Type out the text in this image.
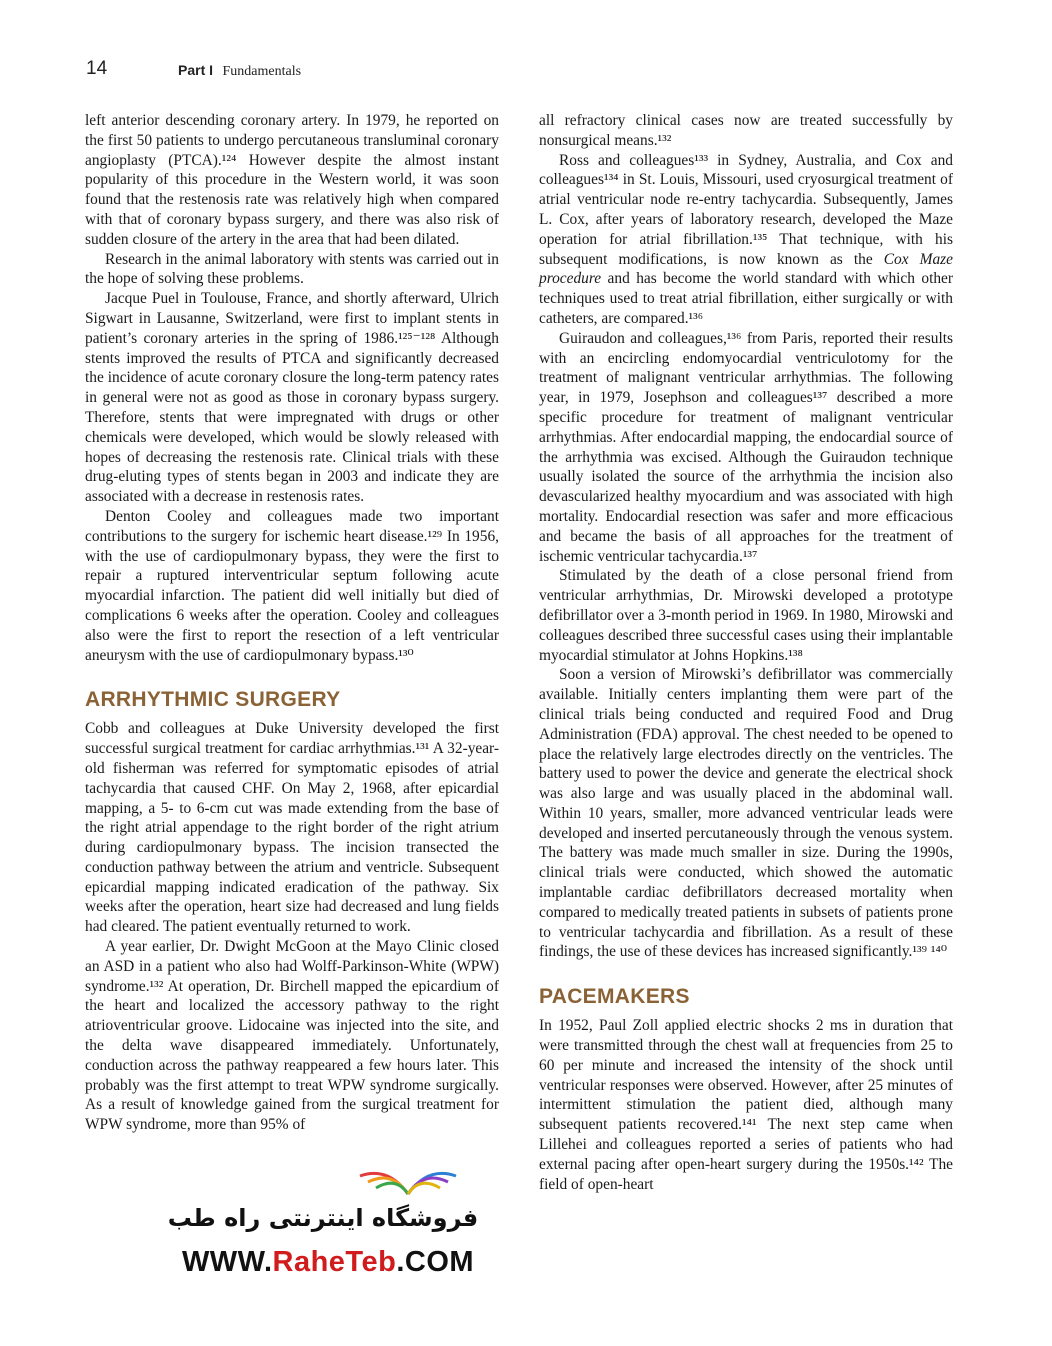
14	Part I Fundamentals

left anterior descending coronary artery. In 1979, he reported on the first 50 patients to undergo percutaneous transluminal coronary angioplasty (PTCA).¹²⁴ However despite the almost instant popularity of this procedure in the Western world, it was soon found that the restenosis rate was relatively high when compared with that of coronary bypass surgery, and there was also risk of sudden closure of the artery in the area that had been dilated.

Research in the animal laboratory with stents was carried out in the hope of solving these problems.

Jacque Puel in Toulouse, France, and shortly afterward, Ulrich Sigwart in Lausanne, Switzerland, were first to implant stents in patient’s coronary arteries in the spring of 1986.¹²⁵⁻¹²⁸ Although stents improved the results of PTCA and significantly decreased the incidence of acute coronary closure the long-term patency rates in general were not as good as those in coronary bypass surgery. Therefore, stents that were impregnated with drugs or other chemicals were developed, which would be slowly released with hopes of decreasing the restenosis rate. Clinical trials with these drug-eluting types of stents began in 2003 and indicate they are associated with a decrease in restenosis rates.

Denton Cooley and colleagues made two important contributions to the surgery for ischemic heart disease.¹²⁹ In 1956, with the use of cardiopulmonary bypass, they were the first to repair a ruptured interventricular septum following acute myocardial infarction. The patient did well initially but died of complications 6 weeks after the operation. Cooley and colleagues also were the first to report the resection of a left ventricular aneurysm with the use of cardiopulmonary bypass.¹³⁰

ARRHYTHMIC SURGERY

Cobb and colleagues at Duke University developed the first successful surgical treatment for cardiac arrhythmias.¹³¹ A 32-year-old fisherman was referred for symptomatic episodes of atrial tachycardia that caused CHF. On May 2, 1968, after epicardial mapping, a 5- to 6-cm cut was made extending from the base of the right atrial appendage to the right border of the right atrium during cardiopulmonary bypass. The incision transected the conduction pathway between the atrium and ventricle. Subsequent epicardial mapping indicated eradication of the pathway. Six weeks after the operation, heart size had decreased and lung fields had cleared. The patient eventually returned to work.

A year earlier, Dr. Dwight McGoon at the Mayo Clinic closed an ASD in a patient who also had Wolff-Parkinson-White (WPW) syndrome.¹³² At operation, Dr. Birchell mapped the epicardium of the heart and localized the accessory pathway to the right atrioventricular groove. Lidocaine was injected into the site, and the delta wave disappeared immediately. Unfortunately, conduction across the pathway reappeared a few hours later. This probably was the first attempt to treat WPW syndrome surgically. As a result of knowledge gained from the surgical treatment for WPW syndrome, more than 95% of

all refractory clinical cases now are treated successfully by nonsurgical means.¹³²

Ross and colleagues¹³³ in Sydney, Australia, and Cox and colleagues¹³⁴ in St. Louis, Missouri, used cryosurgical treatment of atrial ventricular node re-entry tachycardia. Subsequently, James L. Cox, after years of laboratory research, developed the Maze operation for atrial fibrillation.¹³⁵ That technique, with his subsequent modifications, is now known as the Cox Maze procedure and has become the world standard with which other techniques used to treat atrial fibrillation, either surgically or with catheters, are compared.¹³⁶

Guiraudon and colleagues,¹³⁶ from Paris, reported their results with an encircling endomyocardial ventriculotomy for the treatment of malignant ventricular arrhythmias. The following year, in 1979, Josephson and colleagues¹³⁷ described a more specific procedure for treatment of malignant ventricular arrhythmias. After endocardial mapping, the endocardial source of the arrhythmia was excised. Although the Guiraudon technique usually isolated the source of the arrhythmia the incision also devascularized healthy myocardium and was associated with high mortality. Endocardial resection was safer and more efficacious and became the basis of all approaches for the treatment of ischemic ventricular tachycardia.¹³⁷

Stimulated by the death of a close personal friend from ventricular arrhythmias, Dr. Mirowski developed a prototype defibrillator over a 3-month period in 1969. In 1980, Mirowski and colleagues described three successful cases using their implantable myocardial stimulator at Johns Hopkins.¹³⁸

Soon a version of Mirowski’s defibrillator was commercially available. Initially centers implanting them were part of the clinical trials being conducted and required Food and Drug Administration (FDA) approval. The chest needed to be opened to place the relatively large electrodes directly on the ventricles. The battery used to power the device and generate the electrical shock was also large and was usually placed in the abdominal wall. Within 10 years, smaller, more advanced ventricular leads were developed and inserted percutaneously through the venous system. The battery was made much smaller in size. During the 1990s, clinical trials were conducted, which showed the automatic implantable cardiac defibrillators decreased mortality when compared to medically treated patients in subsets of patients prone to ventricular tachycardia and fibrillation. As a result of these findings, the use of these devices has increased significantly.¹³⁹ ¹⁴⁰

PACEMAKERS

In 1952, Paul Zoll applied electric shocks 2 ms in duration that were transmitted through the chest wall at frequencies from 25 to 60 per minute and increased the intensity of the shock until ventricular responses were observed. However, after 25 minutes of intermittent stimulation the patient died, although many subsequent patients recovered.¹⁴¹ The next step came when Lillehei and colleagues reported a series of patients who had external pacing after open-heart surgery during the 1950s.¹⁴² The field of open-heart

فروشگاه اینترنتی راه طب
WWW.RaheTeb.COM
